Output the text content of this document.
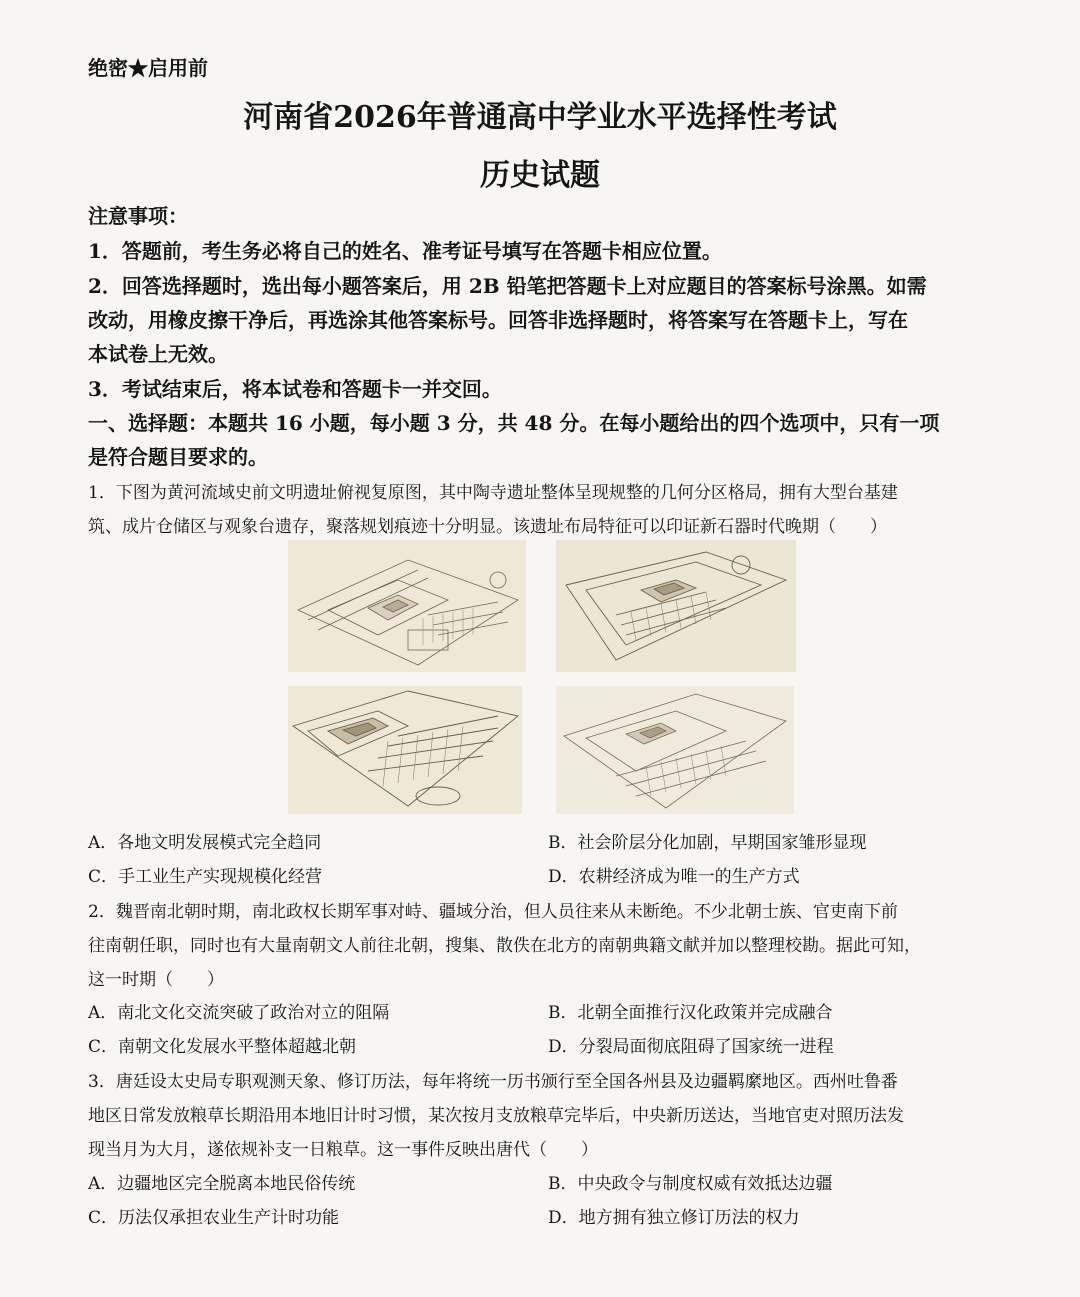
绝密★启用前
河南省2026年普通高中学业水平选择性考试
历史试题
注意事项：
1．答题前，考生务必将自己的姓名、准考证号填写在答题卡相应位置。
2．回答选择题时，选出每小题答案后，用 2B 铅笔把答题卡上对应题目的答案标号涂黑。如需
改动，用橡皮擦干净后，再选涂其他答案标号。回答非选择题时，将答案写在答题卡上，写在
本试卷上无效。
3．考试结束后，将本试卷和答题卡一并交回。
一、选择题：本题共 16 小题，每小题 3 分，共 48 分。在每小题给出的四个选项中，只有一项
是符合题目要求的。
1．下图为黄河流域史前文明遗址俯视复原图，其中陶寺遗址整体呈现规整的几何分区格局，拥有大型台基建
筑、成片仓储区与观象台遗存，聚落规划痕迹十分明显。该遗址布局特征可以印证新石器时代晚期（　　）
A．各地文明发展模式完全趋同	B．社会阶层分化加剧，早期国家雏形显现
C．手工业生产实现规模化经营	D．农耕经济成为唯一的生产方式
2．魏晋南北朝时期，南北政权长期军事对峙、疆域分治，但人员往来从未断绝。不少北朝士族、官吏南下前
往南朝任职，同时也有大量南朝文人前往北朝，搜集、散佚在北方的南朝典籍文献并加以整理校勘。据此可知，
这一时期（　　）
A．南北文化交流突破了政治对立的阻隔	B．北朝全面推行汉化政策并完成融合
C．南朝文化发展水平整体超越北朝	D．分裂局面彻底阻碍了国家统一进程
3．唐廷设太史局专职观测天象、修订历法，每年将统一历书颁行至全国各州县及边疆羁縻地区。西州吐鲁番
地区日常发放粮草长期沿用本地旧计时习惯，某次按月支放粮草完毕后，中央新历送达，当地官吏对照历法发
现当月为大月，遂依规补支一日粮草。这一事件反映出唐代（　　）
A．边疆地区完全脱离本地民俗传统	B．中央政令与制度权威有效抵达边疆
C．历法仅承担农业生产计时功能	D．地方拥有独立修订历法的权力
